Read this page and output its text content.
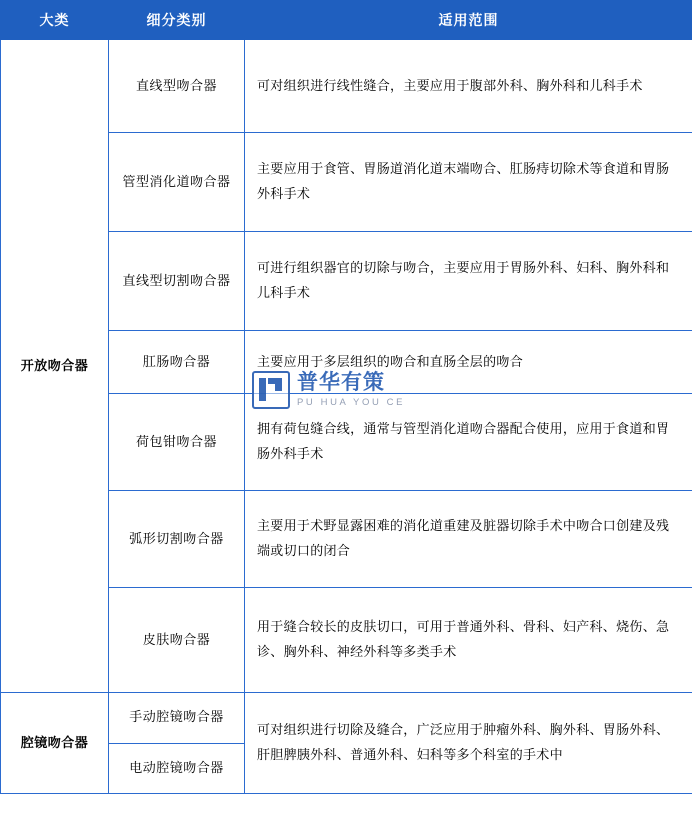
大类	细分类别	适用范围
开放吻合器	直线型吻合器	可对组织进行线性缝合，主要应用于腹部外科、胸外科和儿科手术
	管型消化道吻合器	主要应用于食管、胃肠道消化道末端吻合、肛肠痔切除术等食道和胃肠外科手术
	直线型切割吻合器	可进行组织器官的切除与吻合，主要应用于胃肠外科、妇科、胸外科和儿科手术
	肛肠吻合器	主要应用于多层组织的吻合和直肠全层的吻合
	荷包钳吻合器	拥有荷包缝合线，通常与管型消化道吻合器配合使用，应用于食道和胃肠外科手术
	弧形切割吻合器	主要用于术野显露困难的消化道重建及脏器切除手术中吻合口创建及残端或切口的闭合
	皮肤吻合器	用于缝合较长的皮肤切口，可用于普通外科、骨科、妇产科、烧伤、急诊、胸外科、神经外科等多类手术
腔镜吻合器	手动腔镜吻合器	可对组织进行切除及缝合，广泛应用于肿瘤外科、胸外科、胃肠外科、肝胆脾胰外科、普通外科、妇科等多个科室的手术中
	电动腔镜吻合器	
普华有策
PU HUA YOU CE
